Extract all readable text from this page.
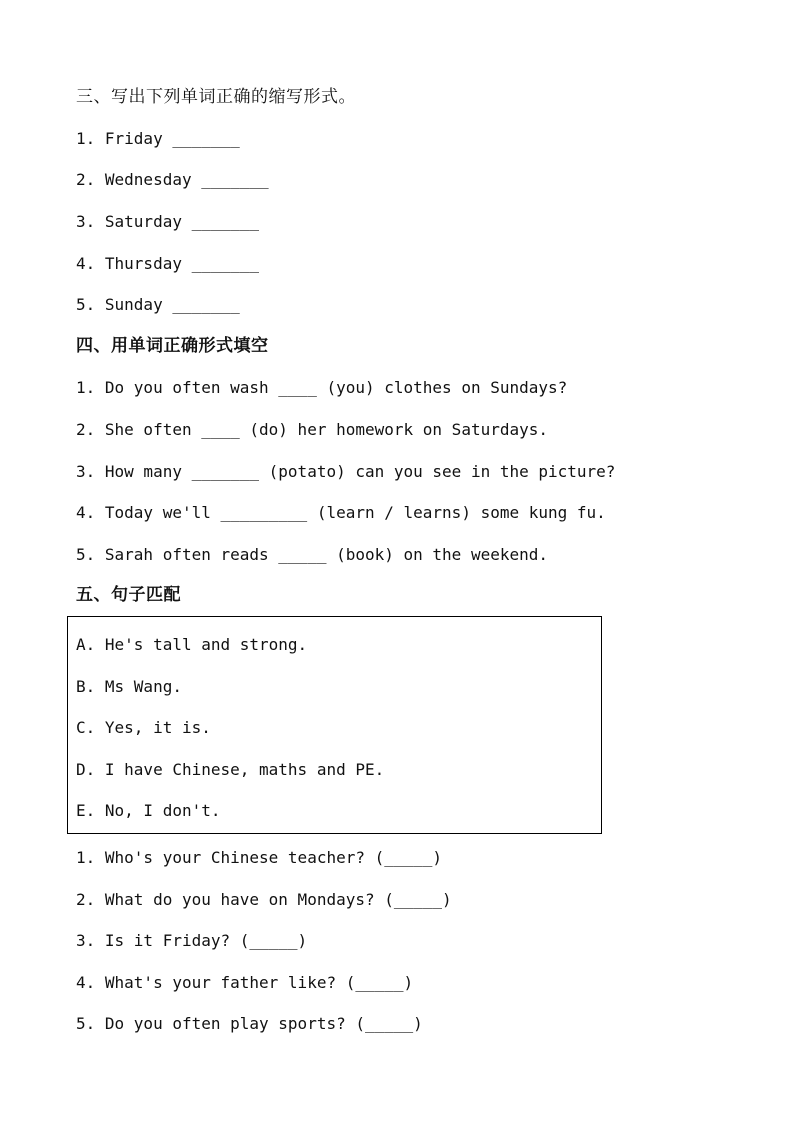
三、写出下列单词正确的缩写形式。
1. Friday _______
2. Wednesday _______
3. Saturday _______
4. Thursday _______
5. Sunday _______
四、用单词正确形式填空
1. Do you often wash ____ (you) clothes on Sundays?
2. She often ____ (do) her homework on Saturdays.
3. How many _______ (potato) can you see in the picture?
4. Today we'll _________ (learn / learns) some kung fu.
5. Sarah often reads _____ (book) on the weekend.
五、句子匹配
A. He's tall and strong.
B. Ms Wang.
C. Yes, it is.
D. I have Chinese, maths and PE.
E. No, I don't.
1. Who's your Chinese teacher? (_____)
2. What do you have on Mondays? (_____)
3. Is it Friday? (_____)
4. What's your father like? (_____)
5. Do you often play sports? (_____)
